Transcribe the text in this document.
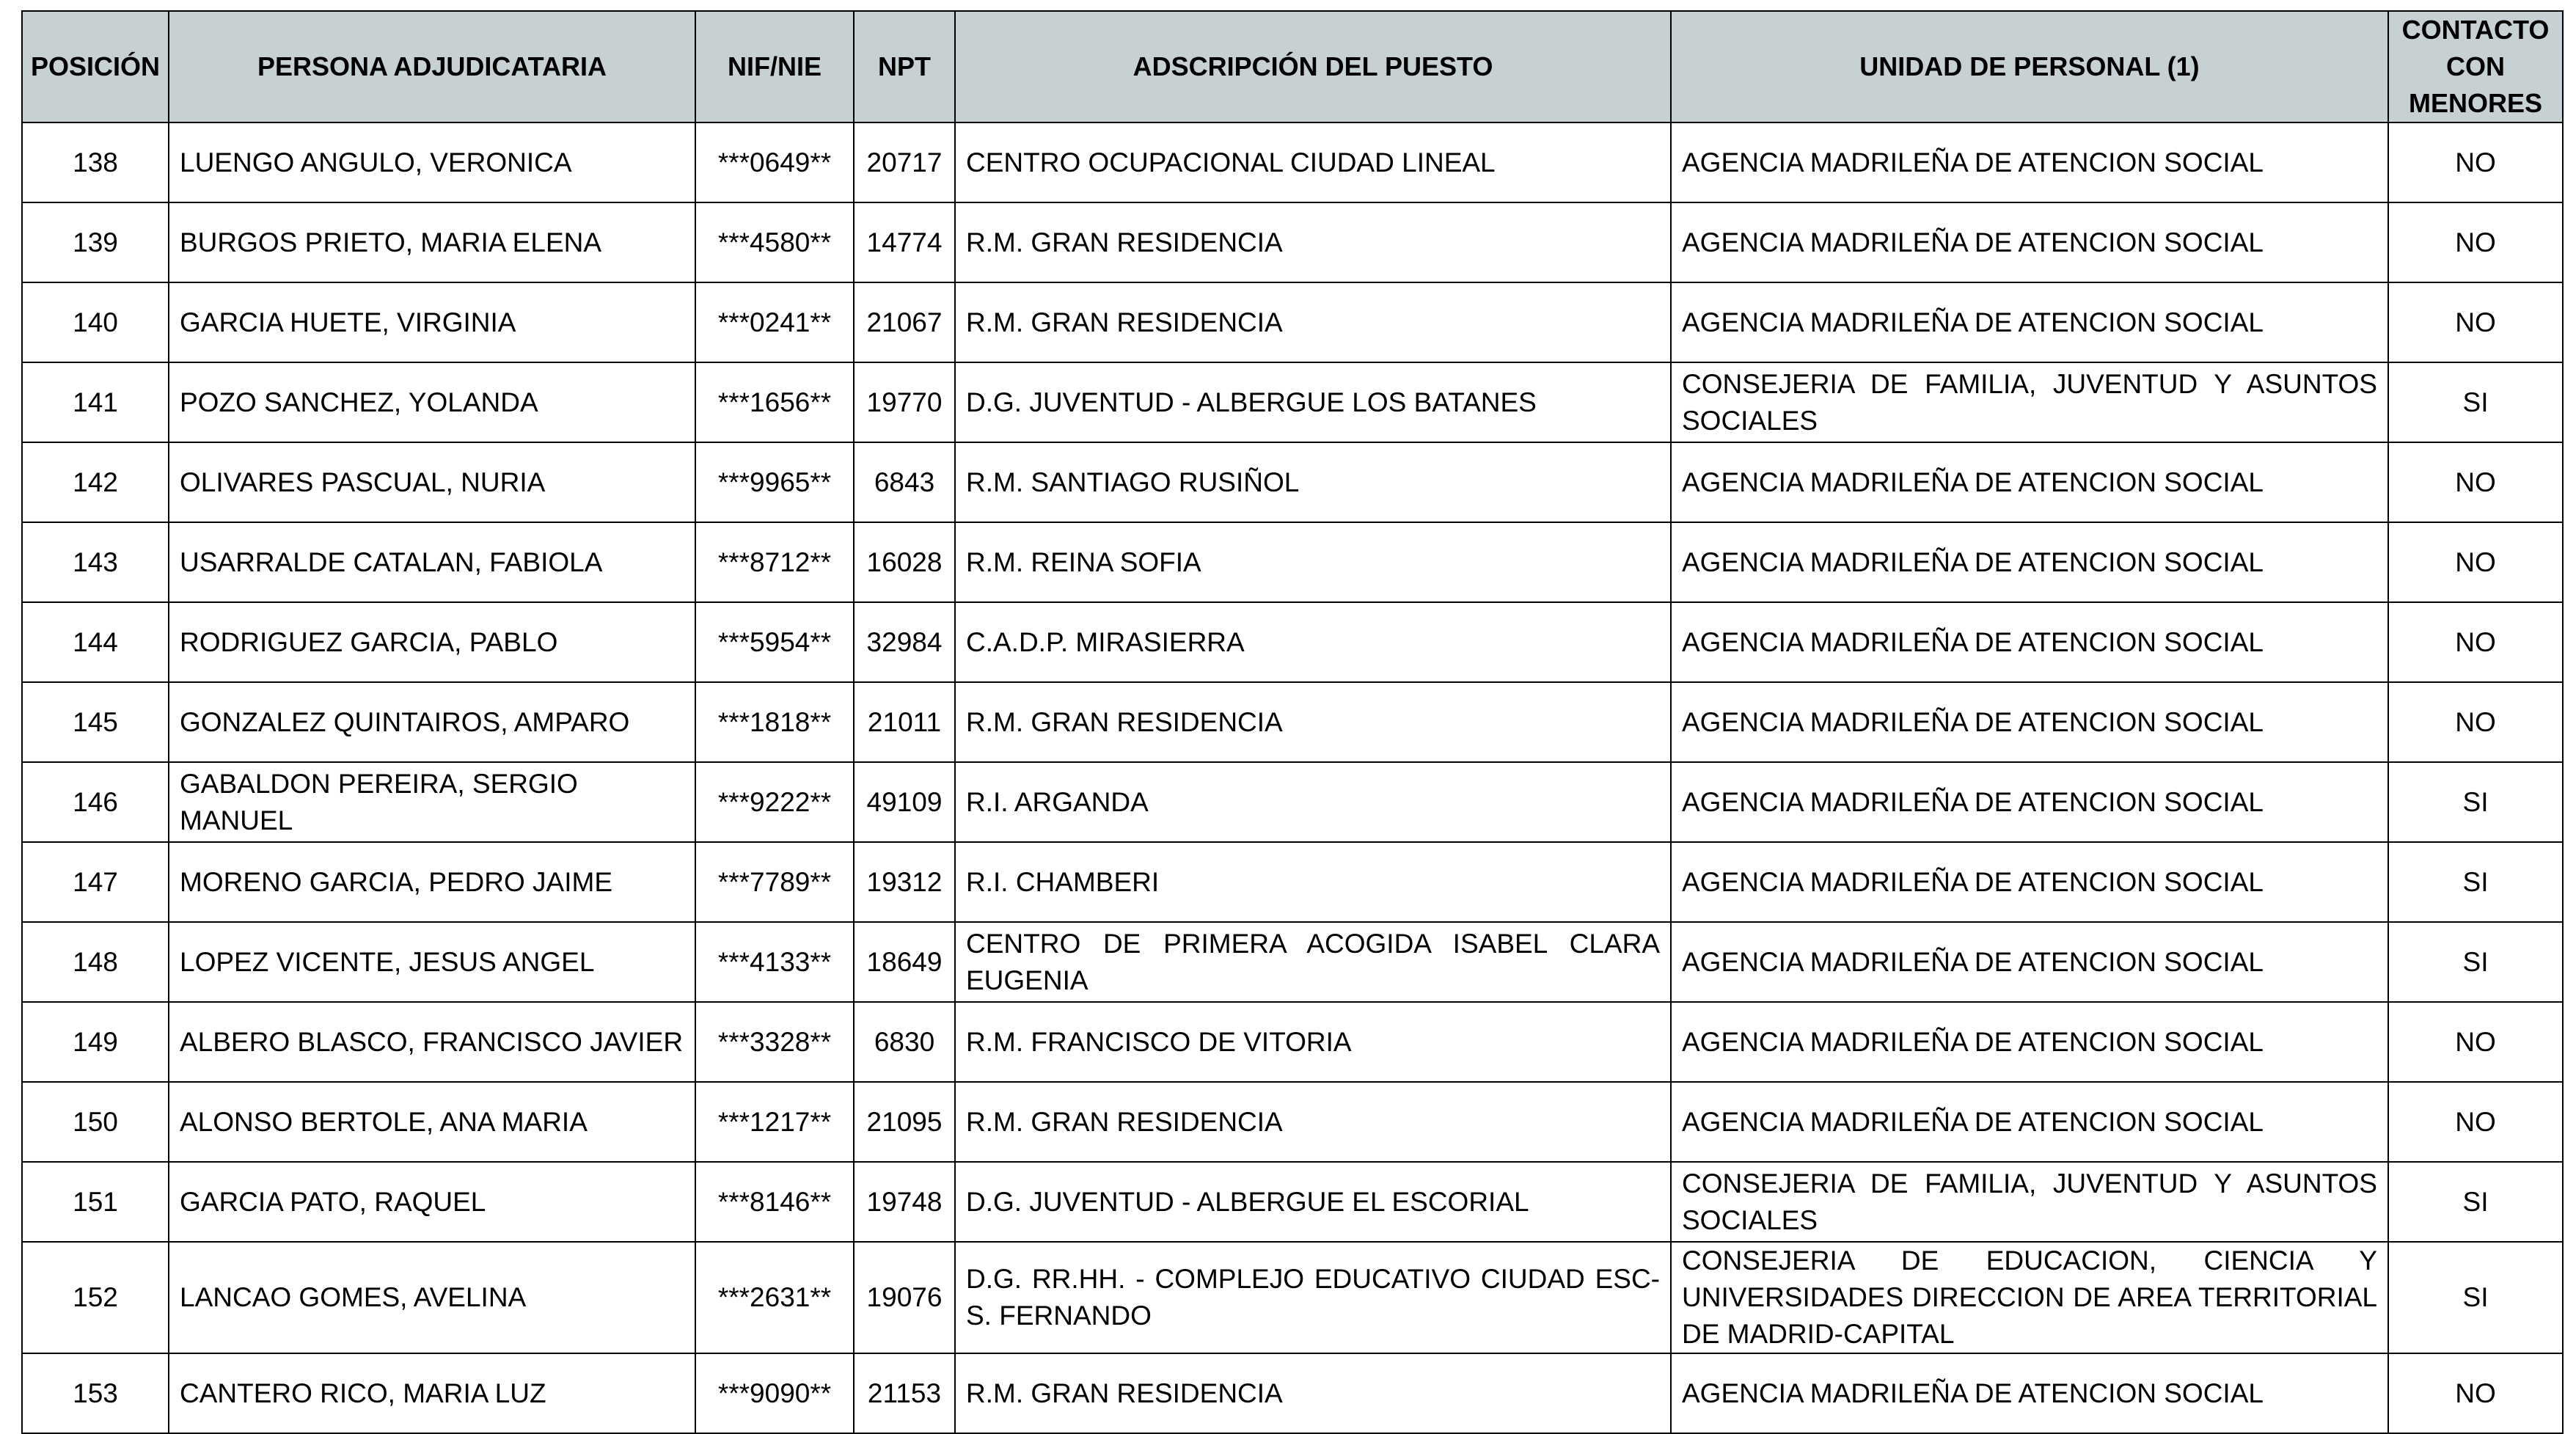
POSICIÓN	PERSONA ADJUDICATARIA	NIF/NIE	NPT	ADSCRIPCIÓN DEL PUESTO	UNIDAD DE PERSONAL (1)	CONTACTO
CON
MENORES

138	LUENGO ANGULO, VERONICA	***0649**	20717	CENTRO OCUPACIONAL CIUDAD LINEAL	AGENCIA MADRILEÑA DE ATENCION SOCIAL	NO
139	BURGOS PRIETO, MARIA ELENA	***4580**	14774	R.M. GRAN RESIDENCIA	AGENCIA MADRILEÑA DE ATENCION SOCIAL	NO
140	GARCIA HUETE, VIRGINIA	***0241**	21067	R.M. GRAN RESIDENCIA	AGENCIA MADRILEÑA DE ATENCION SOCIAL	NO
141	POZO SANCHEZ, YOLANDA	***1656**	19770	D.G. JUVENTUD - ALBERGUE LOS BATANES	CONSEJERIA DE FAMILIA, JUVENTUD Y ASUNTOS SOCIALES	SI
142	OLIVARES PASCUAL, NURIA	***9965**	6843	R.M. SANTIAGO RUSIÑOL	AGENCIA MADRILEÑA DE ATENCION SOCIAL	NO
143	USARRALDE CATALAN, FABIOLA	***8712**	16028	R.M. REINA SOFIA	AGENCIA MADRILEÑA DE ATENCION SOCIAL	NO
144	RODRIGUEZ GARCIA, PABLO	***5954**	32984	C.A.D.P. MIRASIERRA	AGENCIA MADRILEÑA DE ATENCION SOCIAL	NO
145	GONZALEZ QUINTAIROS, AMPARO	***1818**	21011	R.M. GRAN RESIDENCIA	AGENCIA MADRILEÑA DE ATENCION SOCIAL	NO
146	GABALDON PEREIRA, SERGIO MANUEL	***9222**	49109	R.I. ARGANDA	AGENCIA MADRILEÑA DE ATENCION SOCIAL	SI
147	MORENO GARCIA, PEDRO JAIME	***7789**	19312	R.I. CHAMBERI	AGENCIA MADRILEÑA DE ATENCION SOCIAL	SI
148	LOPEZ VICENTE, JESUS ANGEL	***4133**	18649	CENTRO DE PRIMERA ACOGIDA ISABEL CLARA EUGENIA	AGENCIA MADRILEÑA DE ATENCION SOCIAL	SI
149	ALBERO BLASCO, FRANCISCO JAVIER	***3328**	6830	R.M. FRANCISCO DE VITORIA	AGENCIA MADRILEÑA DE ATENCION SOCIAL	NO
150	ALONSO BERTOLE, ANA MARIA	***1217**	21095	R.M. GRAN RESIDENCIA	AGENCIA MADRILEÑA DE ATENCION SOCIAL	NO
151	GARCIA PATO, RAQUEL	***8146**	19748	D.G. JUVENTUD - ALBERGUE EL ESCORIAL	CONSEJERIA DE FAMILIA, JUVENTUD Y ASUNTOS SOCIALES	SI
152	LANCAO GOMES, AVELINA	***2631**	19076	D.G. RR.HH. - COMPLEJO EDUCATIVO CIUDAD ESC-S. FERNANDO	CONSEJERIA DE EDUCACION, CIENCIA Y UNIVERSIDADES DIRECCION DE AREA TERRITORIAL DE MADRID-CAPITAL	SI
153	CANTERO RICO, MARIA LUZ	***9090**	21153	R.M. GRAN RESIDENCIA	AGENCIA MADRILEÑA DE ATENCION SOCIAL	NO
